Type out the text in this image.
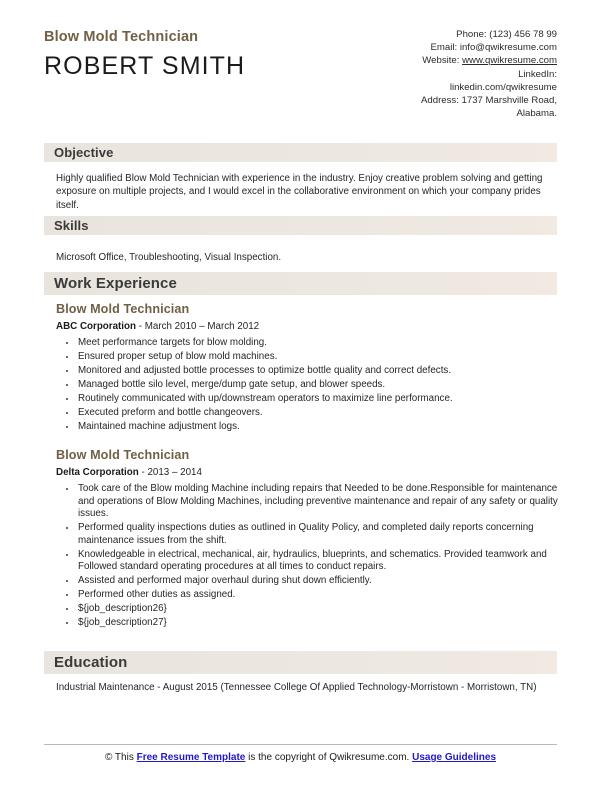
Blow Mold Technician
ROBERT SMITH
Phone: (123) 456 78 99
Email: info@qwikresume.com
Website: www.qwikresume.com
LinkedIn:
linkedin.com/qwikresume
Address: 1737 Marshville Road,
Alabama.
Objective
Highly qualified Blow Mold Technician with experience in the industry. Enjoy creative problem solving and getting exposure on multiple projects, and I would excel in the collaborative environment on which your company prides itself.
Skills
Microsoft Office, Troubleshooting, Visual Inspection.
Work Experience
Blow Mold Technician
ABC Corporation - March 2010 – March 2012
Meet performance targets for blow molding.
Ensured proper setup of blow mold machines.
Monitored and adjusted bottle processes to optimize bottle quality and correct defects.
Managed bottle silo level, merge/dump gate setup, and blower speeds.
Routinely communicated with up/downstream operators to maximize line performance.
Executed preform and bottle changeovers.
Maintained machine adjustment logs.
Blow Mold Technician
Delta Corporation - 2013 – 2014
Took care of the Blow molding Machine including repairs that Needed to be done.Responsible for maintenance and operations of Blow Molding Machines, including preventive maintenance and repair of any safety or quality issues.
Performed quality inspections duties as outlined in Quality Policy, and completed daily reports concerning maintenance issues from the shift.
Knowledgeable in electrical, mechanical, air, hydraulics, blueprints, and schematics. Provided teamwork and Followed standard operating procedures at all times to conduct repairs.
Assisted and performed major overhaul during shut down efficiently.
Performed other duties as assigned.
${job_description26}
${job_description27}
Education
Industrial Maintenance - August 2015 (Tennessee College Of Applied Technology-Morristown - Morristown, TN)
© This Free Resume Template is the copyright of Qwikresume.com. Usage Guidelines
